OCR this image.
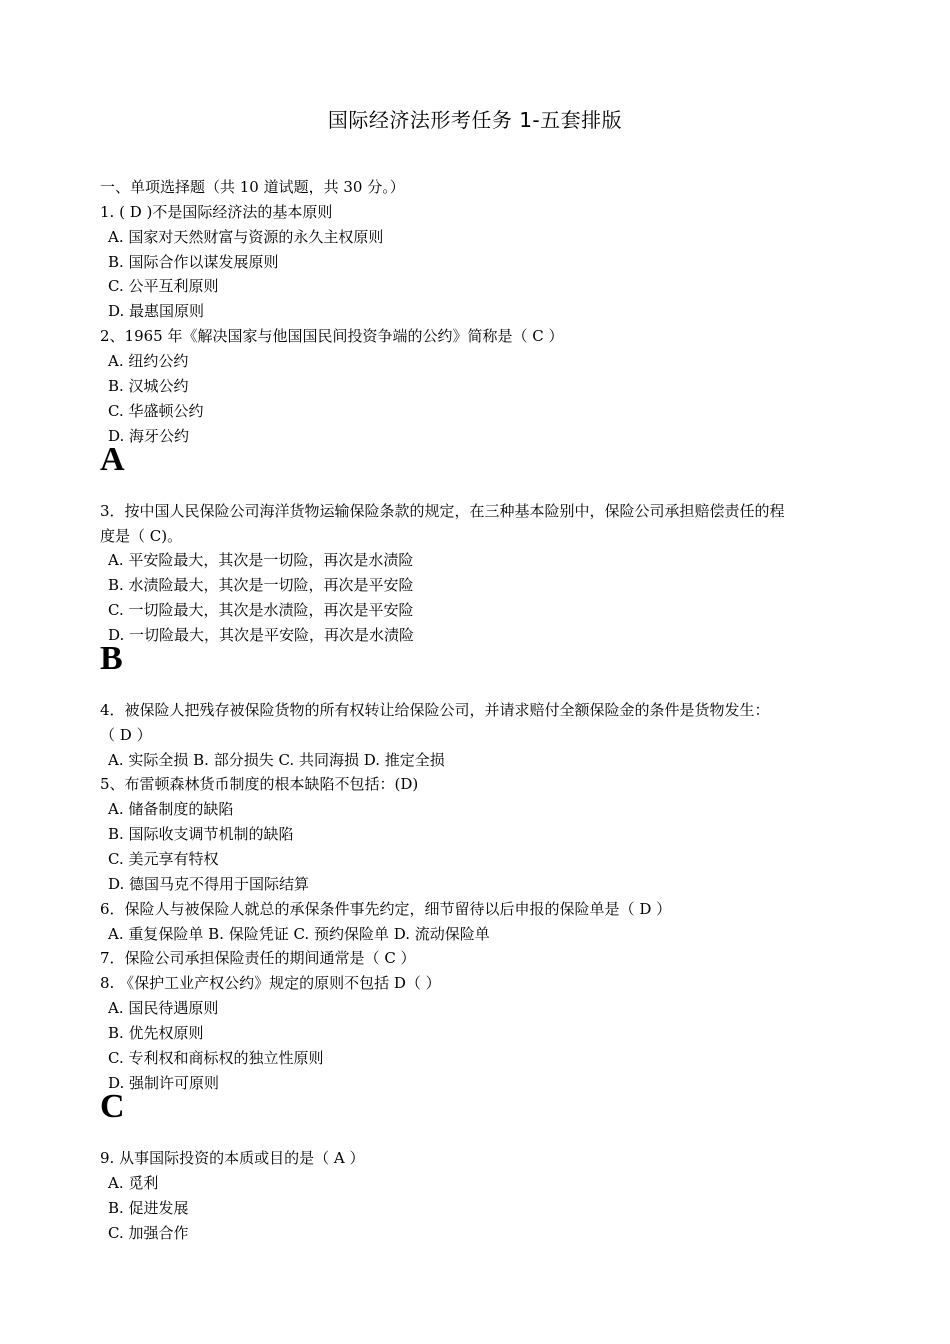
国际经济法形考任务 1-五套排版
一、单项选择题（共 10 道试题，共 30 分。）
1. ( D )不是国际经济法的基本原则
A. 国家对天然财富与资源的永久主权原则
B. 国际合作以谋发展原则
C. 公平互利原则
D. 最惠国原则
2、1965 年《解决国家与他国国民间投资争端的公约》简称是（ C ）
A. 纽约公约
B. 汉城公约
C. 华盛顿公约
D. 海牙公约
A
3．按中国人民保险公司海洋货物运输保险条款的规定，在三种基本险别中，保险公司承担赔偿责任的程
度是（ C)。
A. 平安险最大，其次是一切险，再次是水渍险
B. 水渍险最大，其次是一切险，再次是平安险
C. 一切险最大，其次是水渍险，再次是平安险
D. 一切险最大，其次是平安险，再次是水渍险
B
4．被保险人把残存被保险货物的所有权转让给保险公司，并请求赔付全额保险金的条件是货物发生：
（ D ）
A. 实际全损 B. 部分损失 C. 共同海损 D. 推定全损
5、布雷顿森林货币制度的根本缺陷不包括：(D)
A. 储备制度的缺陷
B. 国际收支调节机制的缺陷
C. 美元享有特权
D. 德国马克不得用于国际结算
6．保险人与被保险人就总的承保条件事先约定，细节留待以后申报的保险单是（ D ）
A. 重复保险单 B. 保险凭证 C. 预约保险单 D. 流动保险单
7．保险公司承担保险责任的期间通常是（ C ）
8. 《保护工业产权公约》规定的原则不包括 D（ ）
A. 国民待遇原则
B. 优先权原则
C. 专利权和商标权的独立性原则
D. 强制许可原则
C
9. 从事国际投资的本质或目的是（ A ）
A. 觅利
B. 促进发展
C. 加强合作
